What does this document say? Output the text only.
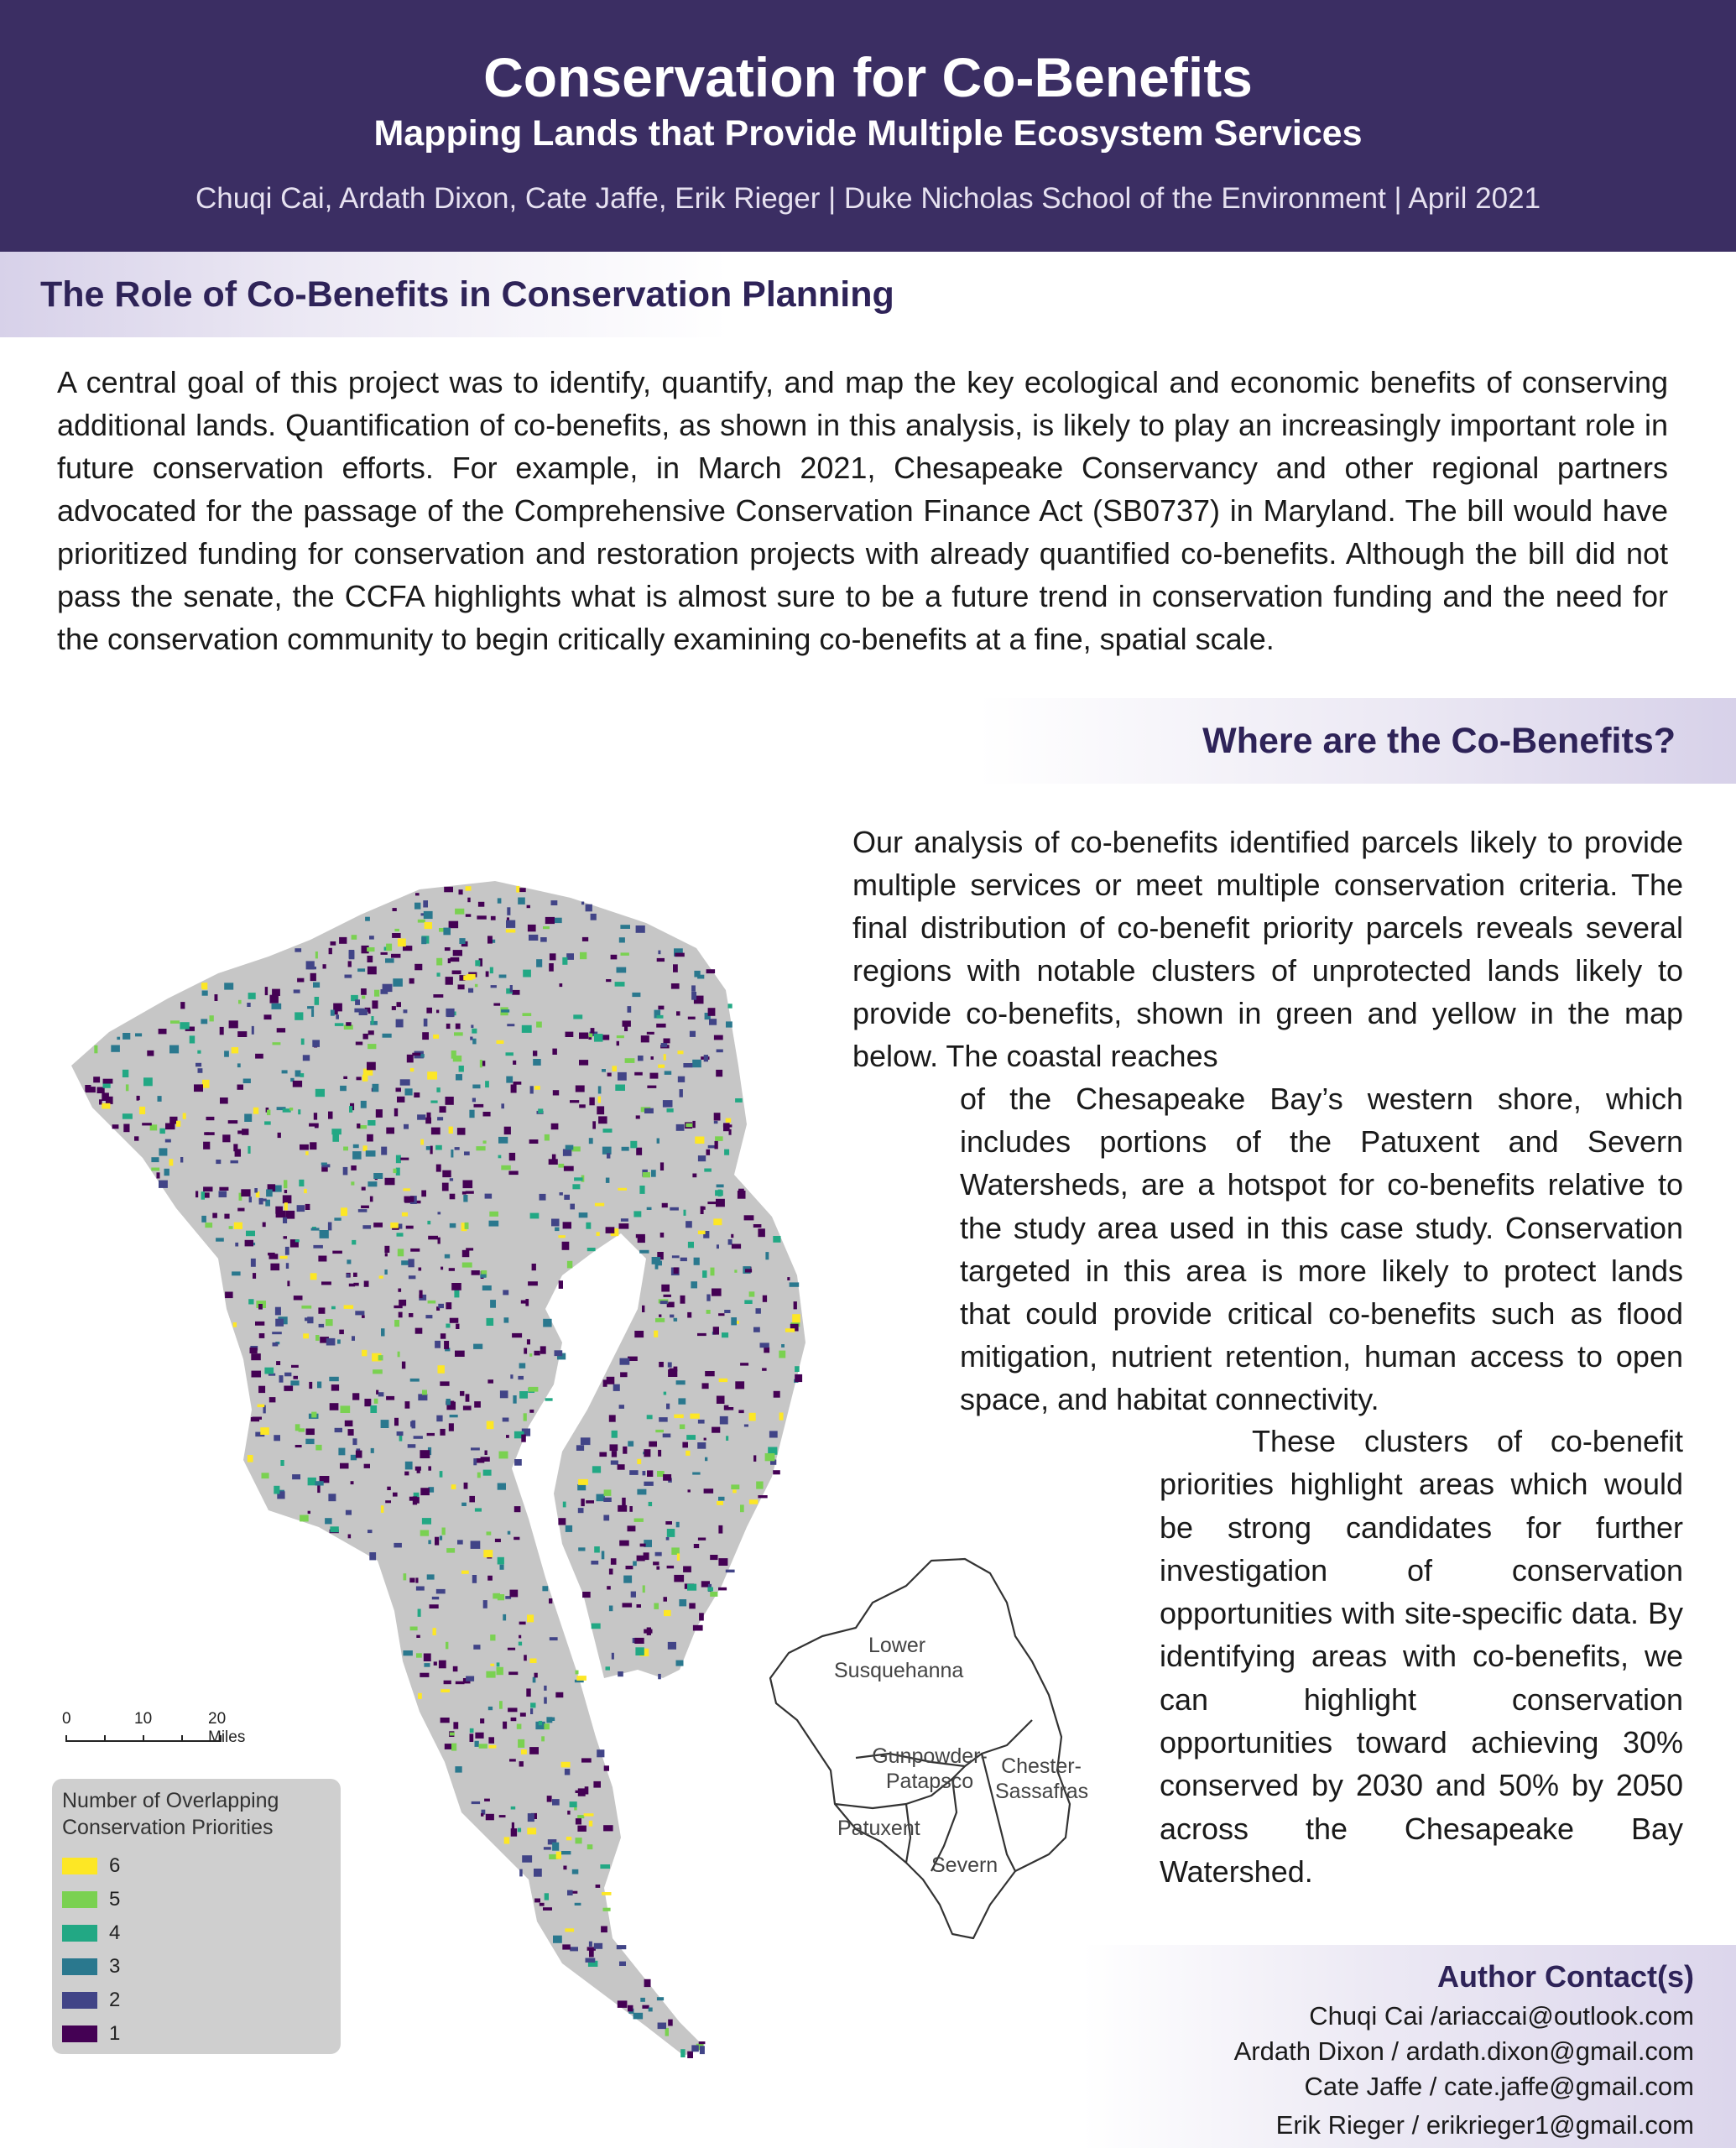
Conservation for Co-Benefits
Mapping Lands that Provide Multiple Ecosystem Services
Chuqi Cai, Ardath Dixon, Cate Jaffe, Erik Rieger | Duke Nicholas School of the Environment | April 2021
The Role of Co-Benefits in Conservation Planning

A central goal of this project was to identify, quantify, and map the key ecological and economic benefits of conserving additional lands. Quantification of co-benefits, as shown in this analysis, is likely to play an increasingly important role in future conservation efforts. For example, in March 2021, Chesapeake Conservancy and other regional partners advocated for the passage of the Comprehensive Conservation Finance Act (SB0737) in Maryland. The bill would have prioritized funding for conservation and restoration projects with already quantified co-benefits. Although the bill did not pass the senate, the CCFA highlights what is almost sure to be a future trend in conservation funding and the need for the conservation community to begin critically examining co-benefits at a fine, spatial scale.

Where are the Co-Benefits?

Our analysis of co-benefits identified parcels likely to provide multiple services or meet multiple conservation criteria. The final distribution of co-benefit priority parcels reveals several regions with notable clusters of unprotected lands likely to provide co-benefits, shown in green and yellow in the map below. The coastal reaches

of the Chesapeake Bay’s western shore, which includes portions of the Patuxent and Severn Watersheds, are a hotspot for co-benefits relative to the study area used in this case study. Conservation targeted in this area is more likely to protect lands that could provide critical co-benefits such as flood mitigation, nutrient retention, human access to open space, and habitat connectivity.

These clusters of co-benefit priorities highlight areas which would be strong candidates for further investigation of conservation opportunities with site-specific data. By identifying areas with co-benefits, we can highlight conservation opportunities toward achieving 30% conserved by 2030 and 50% by 2050 across the Chesapeake Bay Watershed.

0	10	20 Miles
Number of Overlapping Conservation Priorities
6
5
4
3
2
1
Lower Susquehanna
Gunpowder-Patapsco
Chester-Sassafras
Patuxent
Severn
Author Contact(s)
Chuqi Cai /ariaccai@outlook.com
Ardath Dixon / ardath.dixon@gmail.com
Cate Jaffe / cate.jaffe@gmail.com
Erik Rieger / erikrieger1@gmail.com
